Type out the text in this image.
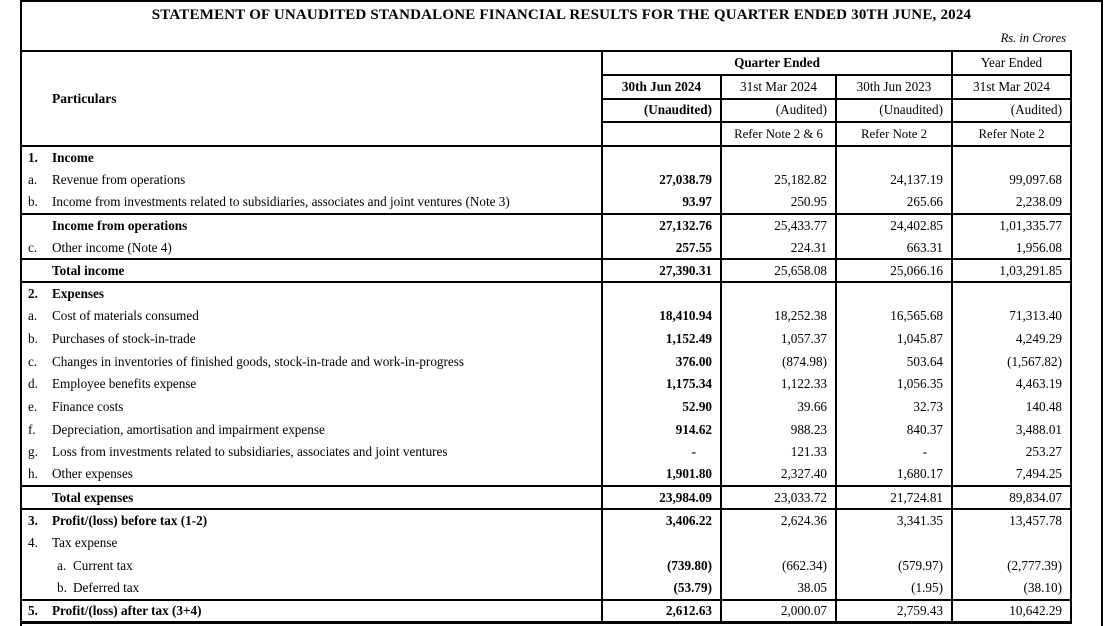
STATEMENT OF UNAUDITED STANDALONE FINANCIAL RESULTS FOR THE QUARTER ENDED 30TH JUNE, 2024
Rs. in Crores
Particulars	Quarter Ended			Year Ended
	30th Jun 2024	31st Mar 2024	30th Jun 2023	31st Mar 2024
	(Unaudited)	(Audited)	(Unaudited)	(Audited)
		Refer Note 2 & 6	Refer Note 2	Refer Note 2
1. Income				
a. Revenue from operations	27,038.79	25,182.82	24,137.19	99,097.68
b. Income from investments related to subsidiaries, associates and joint ventures (Note 3)	93.97	250.95	265.66	2,238.09
Income from operations	27,132.76	25,433.77	24,402.85	1,01,335.77
c. Other income (Note 4)	257.55	224.31	663.31	1,956.08
Total income	27,390.31	25,658.08	25,066.16	1,03,291.85
2. Expenses				
a. Cost of materials consumed	18,410.94	18,252.38	16,565.68	71,313.40
b. Purchases of stock-in-trade	1,152.49	1,057.37	1,045.87	4,249.29
c. Changes in inventories of finished goods, stock-in-trade and work-in-progress	376.00	(874.98)	503.64	(1,567.82)
d. Employee benefits expense	1,175.34	1,122.33	1,056.35	4,463.19
e. Finance costs	52.90	39.66	32.73	140.48
f. Depreciation, amortisation and impairment expense	914.62	988.23	840.37	3,488.01
g. Loss from investments related to subsidiaries, associates and joint ventures	-	121.33	-	253.27
h. Other expenses	1,901.80	2,327.40	1,680.17	7,494.25
Total expenses	23,984.09	23,033.72	21,724.81	89,834.07
3. Profit/(loss) before tax (1-2)	3,406.22	2,624.36	3,341.35	13,457.78
4. Tax expense				
a. Current tax	(739.80)	(662.34)	(579.97)	(2,777.39)
b. Deferred tax	(53.79)	38.05	(1.95)	(38.10)
5. Profit/(loss) after tax (3+4)	2,612.63	2,000.07	2,759.43	10,642.29
